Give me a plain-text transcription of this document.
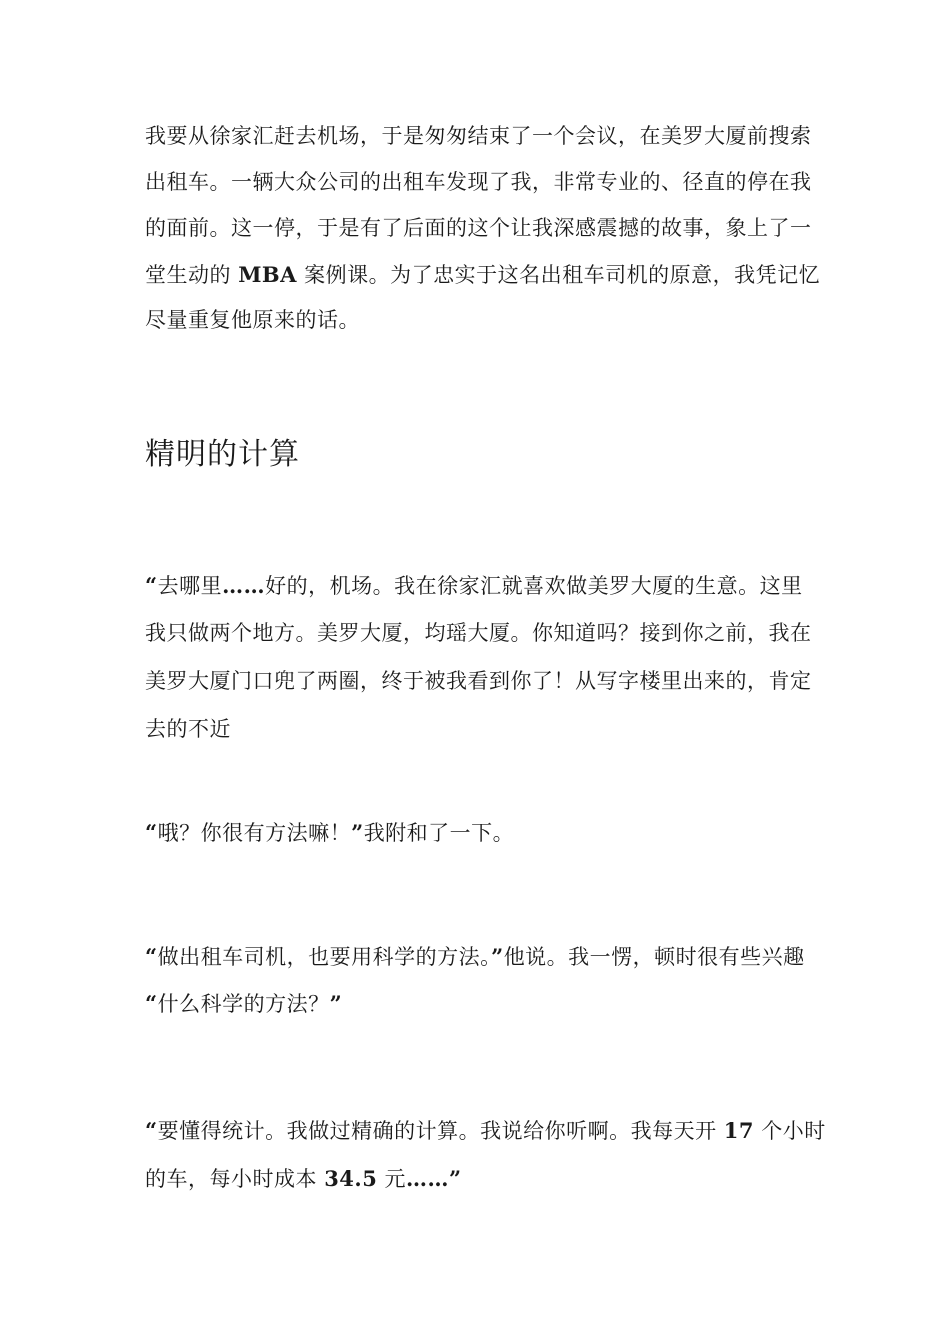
我要从徐家汇赶去机场，于是匆匆结束了一个会议，在美罗大厦前搜索
出租车。一辆大众公司的出租车发现了我，非常专业的、径直的停在我
的面前。这一停，于是有了后面的这个让我深感震撼的故事，象上了一
堂生动的 MBA 案例课。为了忠实于这名出租车司机的原意，我凭记忆
尽量重复他原来的话。
精明的计算
“去哪里……好的，机场。我在徐家汇就喜欢做美罗大厦的生意。这里
我只做两个地方。美罗大厦，均瑶大厦。你知道吗？接到你之前，我在
美罗大厦门口兜了两圈，终于被我看到你了！从写字楼里出来的，肯定
去的不近
“哦？你很有方法嘛！”我附和了一下。
“做出租车司机，也要用科学的方法。”他说。我一愣，顿时很有些兴趣
“什么科学的方法？”
“要懂得统计。我做过精确的计算。我说给你听啊。我每天开 17 个小时
的车，每小时成本 34.5 元……”
